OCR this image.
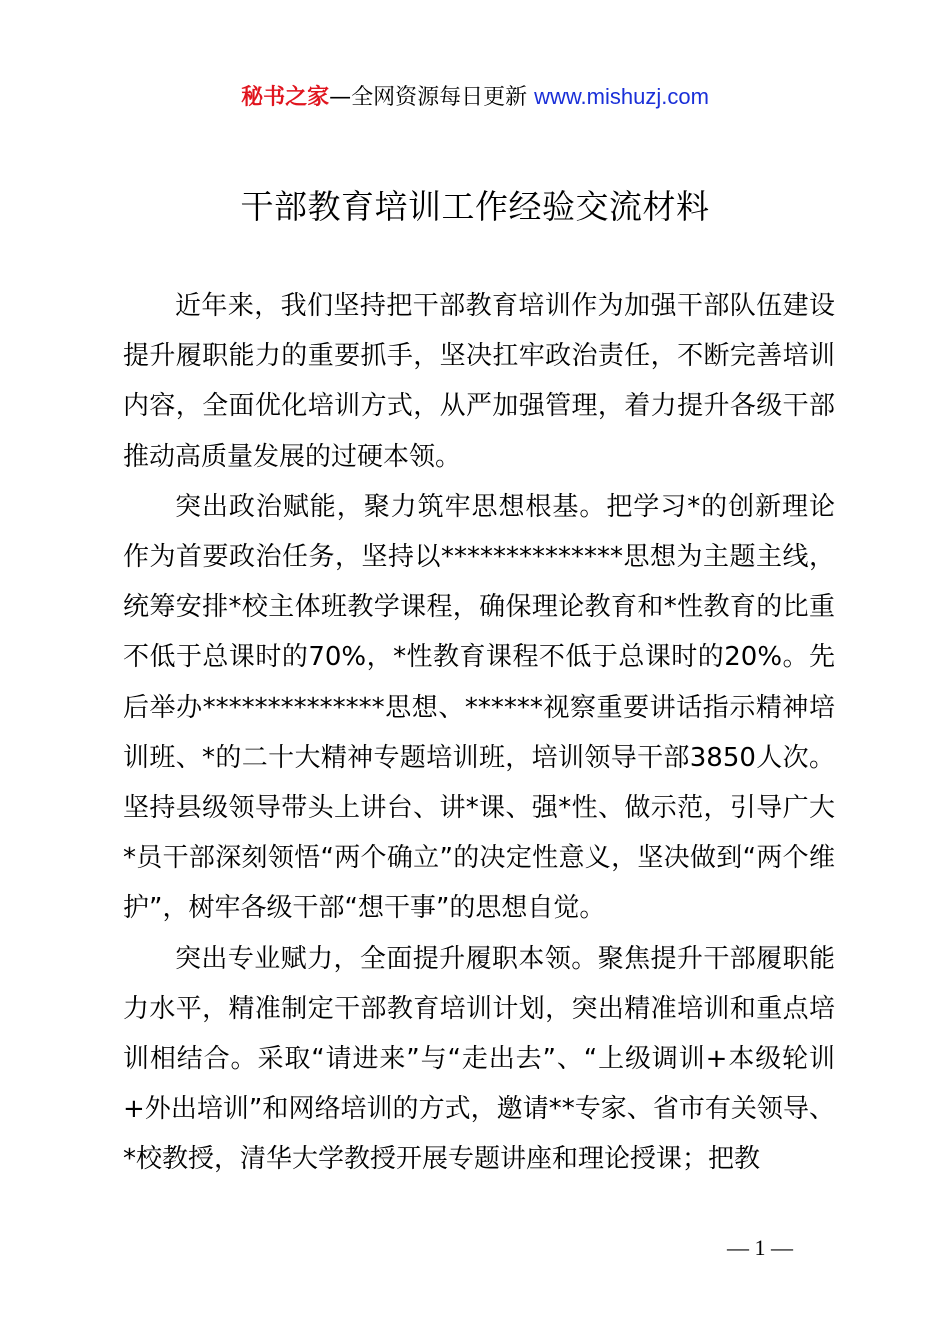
秘书之家—全网资源每日更新 www.mishuzj.com
干部教育培训工作经验交流材料

近年来，我们坚持把干部教育培训作为加强干部队伍建设提升履职能力的重要抓手，坚决扛牢政治责任，不断完善培训内容，全面优化培训方式，从严加强管理，着力提升各级干部推动高质量发展的过硬本领。

突出政治赋能，聚力筑牢思想根基。把学习*的创新理论作为首要政治任务，坚持以**************思想为主题主线，统筹安排*校主体班教学课程，确保理论教育和*性教育的比重不低于总课时的70%，*性教育课程不低于总课时的20%。先后举办**************思想、******视察重要讲话指示精神培训班、*的二十大精神专题培训班，培训领导干部3850人次。坚持县级领导带头上讲台、讲*课、强*性、做示范，引导广大*员干部深刻领悟“两个确立”的决定性意义，坚决做到“两个维护”，树牢各级干部“想干事”的思想自觉。

突出专业赋力，全面提升履职本领。聚焦提升干部履职能力水平，精准制定干部教育培训计划，突出精准培训和重点培训相结合。采取“请进来”与“走出去”、“上级调训+本级轮训+外出培训”和网络培训的方式，邀请**专家、省市有关领导、*校教授，清华大学教授开展专题讲座和理论授课；把教

— 1 —
